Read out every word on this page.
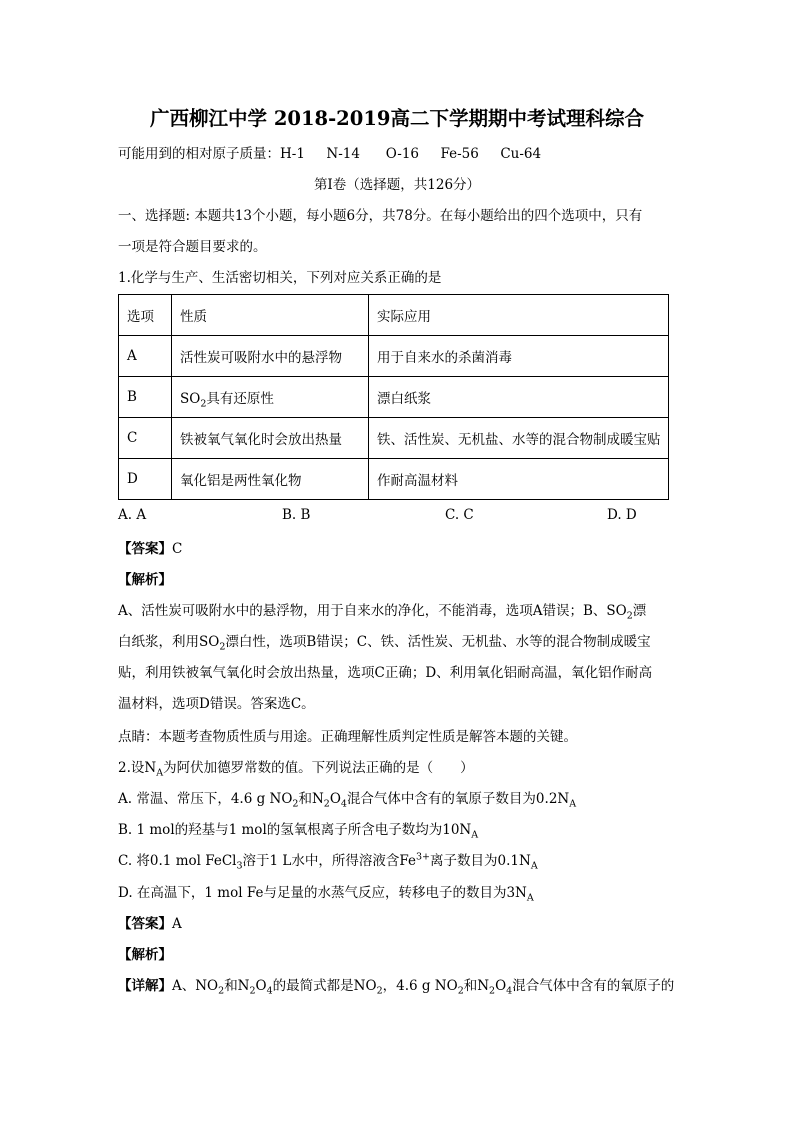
广西柳江中学 2018-2019高二下学期期中考试理科综合
可能用到的相对原子质量：H-1 N-14 O-16 Fe-56 Cu-64
第Ⅰ卷（选择题，共126分）
一、选择题: 本题共13个小题，每小题6分，共78分。在每小题给出的四个选项中，只有
一项是符合题目要求的。
1.化学与生产、生活密切相关，下列对应关系正确的是
选项	性质	实际应用
A	活性炭可吸附水中的悬浮物	用于自来水的杀菌消毒
B	$SO_2$具有还原性	漂白纸浆
C	铁被氧气氧化时会放出热量	铁、活性炭、无机盐、水等的混合物制成暖宝贴
D	氧化铝是两性氧化物	作耐高温材料
A. A	B. B	C. C	D. D
【答案】C
【解析】
A、活性炭可吸附水中的悬浮物，用于自来水的净化，不能消毒，选项A错误；B、$SO_2$漂
白纸浆，利用$SO_2$漂白性，选项B错误；C、铁、活性炭、无机盐、水等的混合物制成暖宝
贴，利用铁被氧气氧化时会放出热量，选项C正确；D、利用氧化铝耐高温，氧化铝作耐高
温材料，选项D错误。答案选C。
点睛：本题考查物质性质与用途。正确理解性质判定性质是解答本题的关键。
2.设$N_A$为阿伏加德罗常数的值。下列说法正确的是（　　）
A. 常温、常压下，4.6 g $NO_2$和$N_2O_4$混合气体中含有的氧原子数目为$0.2N_A$
B. 1 mol的羟基与1 mol的氢氧根离子所含电子数均为$10N_A$
C. 将0.1 mol FeCl$_3$溶于1 L水中，所得溶液含$Fe^{3+}$离子数目为$0.1N_A$
D. 在高温下，1 mol Fe与足量的水蒸气反应，转移电子的数目为$3N_A$
【答案】A
【解析】
【详解】A、$NO_2$和$N_2O_4$的最简式都是$NO_2$，4.6 g $NO_2$和$N_2O_4$混合气体中含有的氧原子的
